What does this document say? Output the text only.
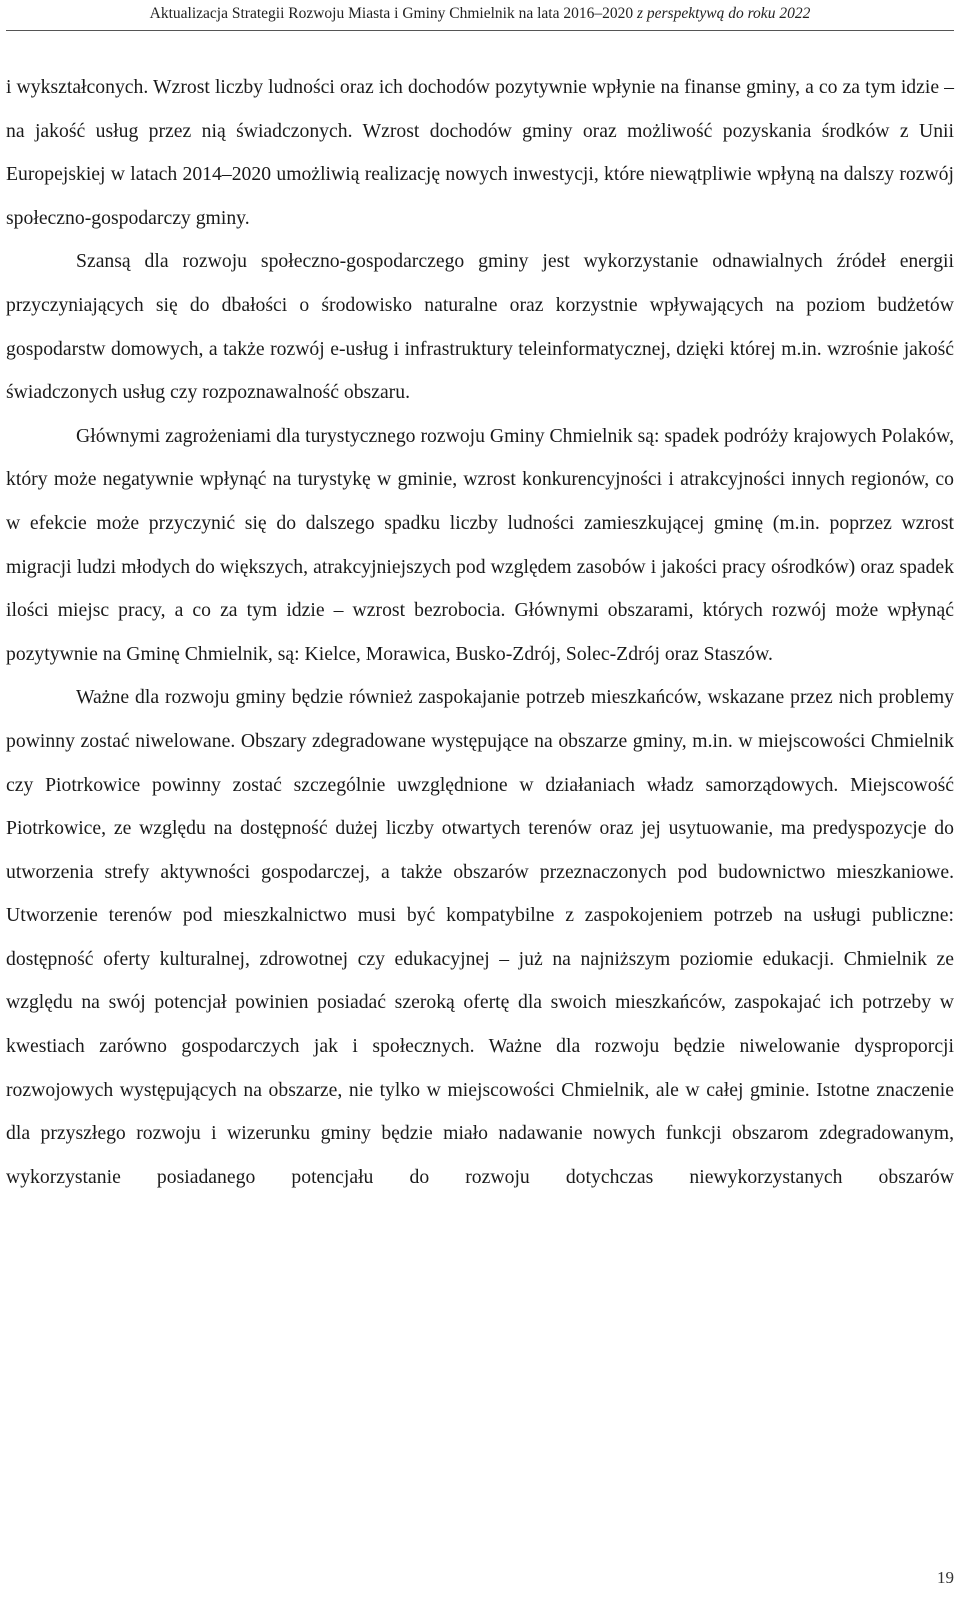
Aktualizacja Strategii Rozwoju Miasta i Gminy Chmielnik na lata 2016–2020 z perspektywą do roku 2022

i wykształconych. Wzrost liczby ludności oraz ich dochodów pozytywnie wpłynie na finanse gminy, a co za tym idzie – na jakość usług przez nią świadczonych. Wzrost dochodów gminy oraz możliwość pozyskania środków z Unii Europejskiej w latach 2014–2020 umożliwią realizację nowych inwestycji, które niewątpliwie wpłyną na dalszy rozwój społeczno-gospodarczy gminy.

Szansą dla rozwoju społeczno-gospodarczego gminy jest wykorzystanie odnawialnych źródeł energii przyczyniających się do dbałości o środowisko naturalne oraz korzystnie wpływających na poziom budżetów gospodarstw domowych, a także rozwój e-usług i infrastruktury teleinformatycznej, dzięki której m.in. wzrośnie jakość świadczonych usług czy rozpoznawalność obszaru.

Głównymi zagrożeniami dla turystycznego rozwoju Gminy Chmielnik są: spadek podróży krajowych Polaków, który może negatywnie wpłynąć na turystykę w gminie, wzrost konkurencyjności i atrakcyjności innych regionów, co w efekcie może przyczynić się do dalszego spadku liczby ludności zamieszkującej gminę (m.in. poprzez wzrost migracji ludzi młodych do większych, atrakcyjniejszych pod względem zasobów i jakości pracy ośrodków) oraz spadek ilości miejsc pracy, a co za tym idzie – wzrost bezrobocia. Głównymi obszarami, których rozwój może wpłynąć pozytywnie na Gminę Chmielnik, są: Kielce, Morawica, Busko-Zdrój, Solec-Zdrój oraz Staszów.

Ważne dla rozwoju gminy będzie również zaspokajanie potrzeb mieszkańców, wskazane przez nich problemy powinny zostać niwelowane. Obszary zdegradowane występujące na obszarze gminy, m.in. w miejscowości Chmielnik czy Piotrkowice powinny zostać szczególnie uwzględnione w działaniach władz samorządowych. Miejscowość Piotrkowice, ze względu na dostępność dużej liczby otwartych terenów oraz jej usytuowanie, ma predyspozycje do utworzenia strefy aktywności gospodarczej, a także obszarów przeznaczonych pod budownictwo mieszkaniowe. Utworzenie terenów pod mieszkalnictwo musi być kompatybilne z zaspokojeniem potrzeb na usługi publiczne: dostępność oferty kulturalnej, zdrowotnej czy edukacyjnej – już na najniższym poziomie edukacji. Chmielnik ze względu na swój potencjał powinien posiadać szeroką ofertę dla swoich mieszkańców, zaspokajać ich potrzeby w kwestiach zarówno gospodarczych jak i społecznych. Ważne dla rozwoju będzie niwelowanie dysproporcji rozwojowych występujących na obszarze, nie tylko w miejscowości Chmielnik, ale w całej gminie. Istotne znaczenie dla przyszłego rozwoju i wizerunku gminy będzie miało nadawanie nowych funkcji obszarom zdegradowanym, wykorzystanie posiadanego potencjału do rozwoju dotychczas niewykorzystanych obszarów

19
